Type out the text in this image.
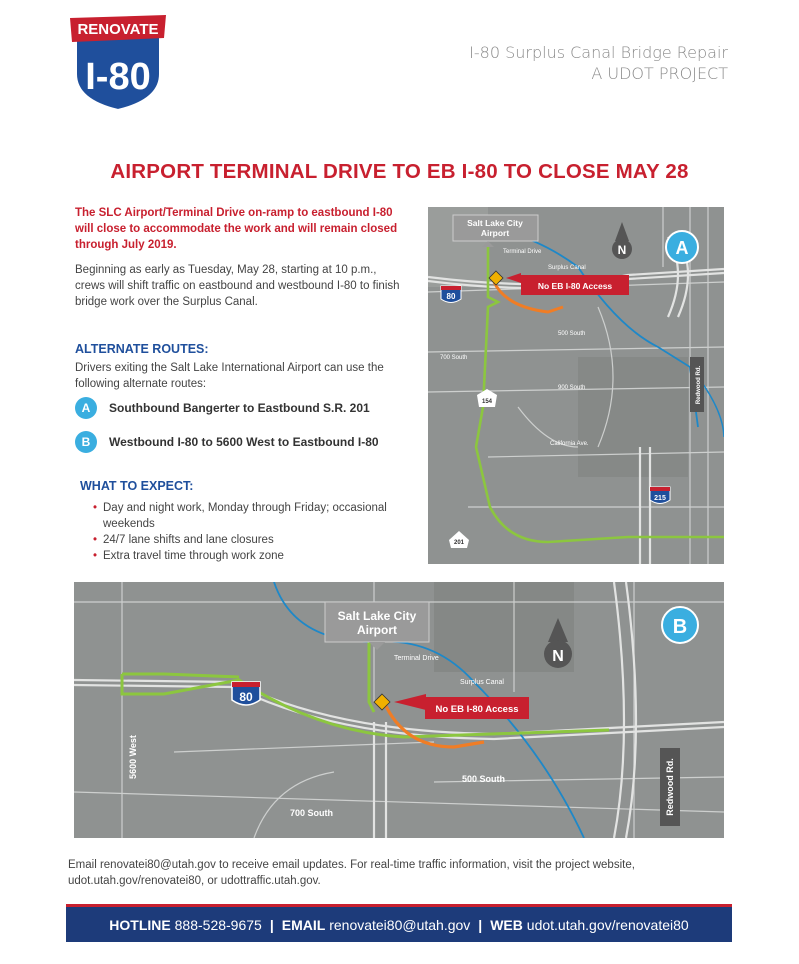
RENOVATE
I-80
I-80 Surplus Canal Bridge Repair
A UDOT PROJECT
AIRPORT TERMINAL DRIVE TO EB I-80 TO CLOSE MAY 28
The SLC Airport/Terminal Drive on-ramp to eastbound I-80 will close to accommodate the work and will remain closed through July 2019.
Beginning as early as Tuesday, May 28, starting at 10 p.m., crews will shift traffic on eastbound and westbound I-80 to finish bridge work over the Surplus Canal.
ALTERNATE ROUTES:
Drivers exiting the Salt Lake International Airport can use the following alternate routes:
A	Southbound Bangerter to Eastbound S.R. 201
B	Westbound I-80 to 5600 West to Eastbound I-80
WHAT TO EXPECT:
• Day and night work, Monday through Friday; occasional weekends
• 24/7 lane shifts and lane closures
• Extra travel time through work zone
Salt Lake City Airport
Terminal Drive
Surplus Canal
500 South
700 South
900 South
California Ave.
Redwood Rd.
No EB I-80 Access
N	A
80
215
154
201
Salt Lake City Airport
Terminal Drive
Surplus Canal
500 South
700 South
5600 West
Redwood Rd.
No EB I-80 Access
N
B
80
Email renovatei80@utah.gov to receive email updates. For real-time traffic information, visit the project website, udot.utah.gov/renovatei80, or udottraffic.utah.gov.
HOTLINE
888-528-9675 | EMAIL
renovatei80@utah.gov | WEB
udot.utah.gov/renovatei80
